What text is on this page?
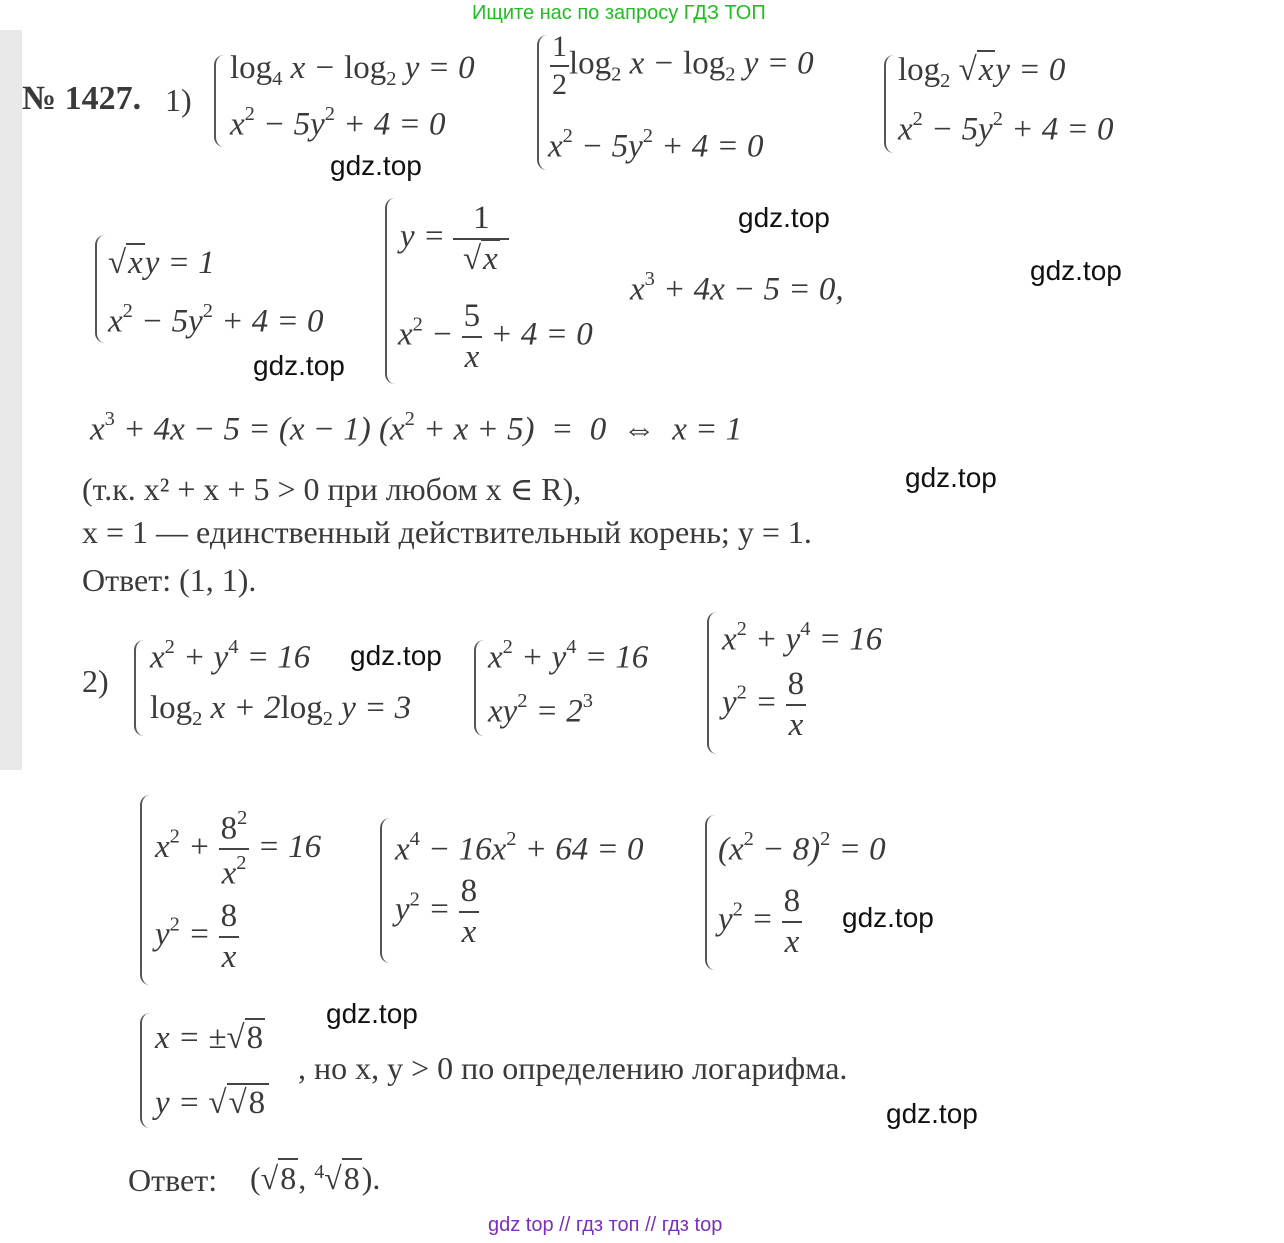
Ищите нас по запросу ГДЗ ТОП
№ 1427. 1)
$\log_4 x - \log_2 y = 0$
$x^2 - 5y^2 + 4 = 0$
$\frac{1}{2} \log_2 x - \log_2 y = 0$
$x^2 - 5y^2 + 4 = 0$
$\log_2 √xy = 0$
$x^2 - 5y^2 + 4 = 0$
√xy = 1
$x^2 - 5y^2 + 4 = 0$
$y = \frac{1}{√x}$
$x^2 - \frac{5}{x} + 4 = 0$
$x^3 + 4x - 5 = 0$,
$x^3 + 4x - 5 = (x - 1) (x^2 + x + 5) = 0$  ⇔  x = 1
(т.к. x² + x + 5 > 0 при любом x ∈ R),
x = 1 — единственный действительный корень; y = 1.
Ответ: (1, 1).
2)
$x^2 + y^4 = 16$
$\log_2 x + 2\log_2$ y = 3
$x^2 + y^4 = 16$
$xy^2 = 2^3$
$x^2 + y^4 = 16$
$y^2 = \frac{8}{x}$
$x^2 + \frac{8^2}{x^2} = 16$
$y^2 = \frac{8}{x}$
$x^4 - 16x^2 + 64 = 0$
$y^2 = \frac{8}{x}$
$(x^2 - 8)^2 = 0$
$y^2 = \frac{8}{x}$
x = ±√8
y = √√8
, но x, y > 0 по определению логарифма.
Ответ: (√8, $^4$√8).
gdz.top
gdz.top
gdz.top
gdz.top
gdz.top
gdz.top
gdz.top
gdz.top
gdz.top
gdz top // гдз топ // гдз top
